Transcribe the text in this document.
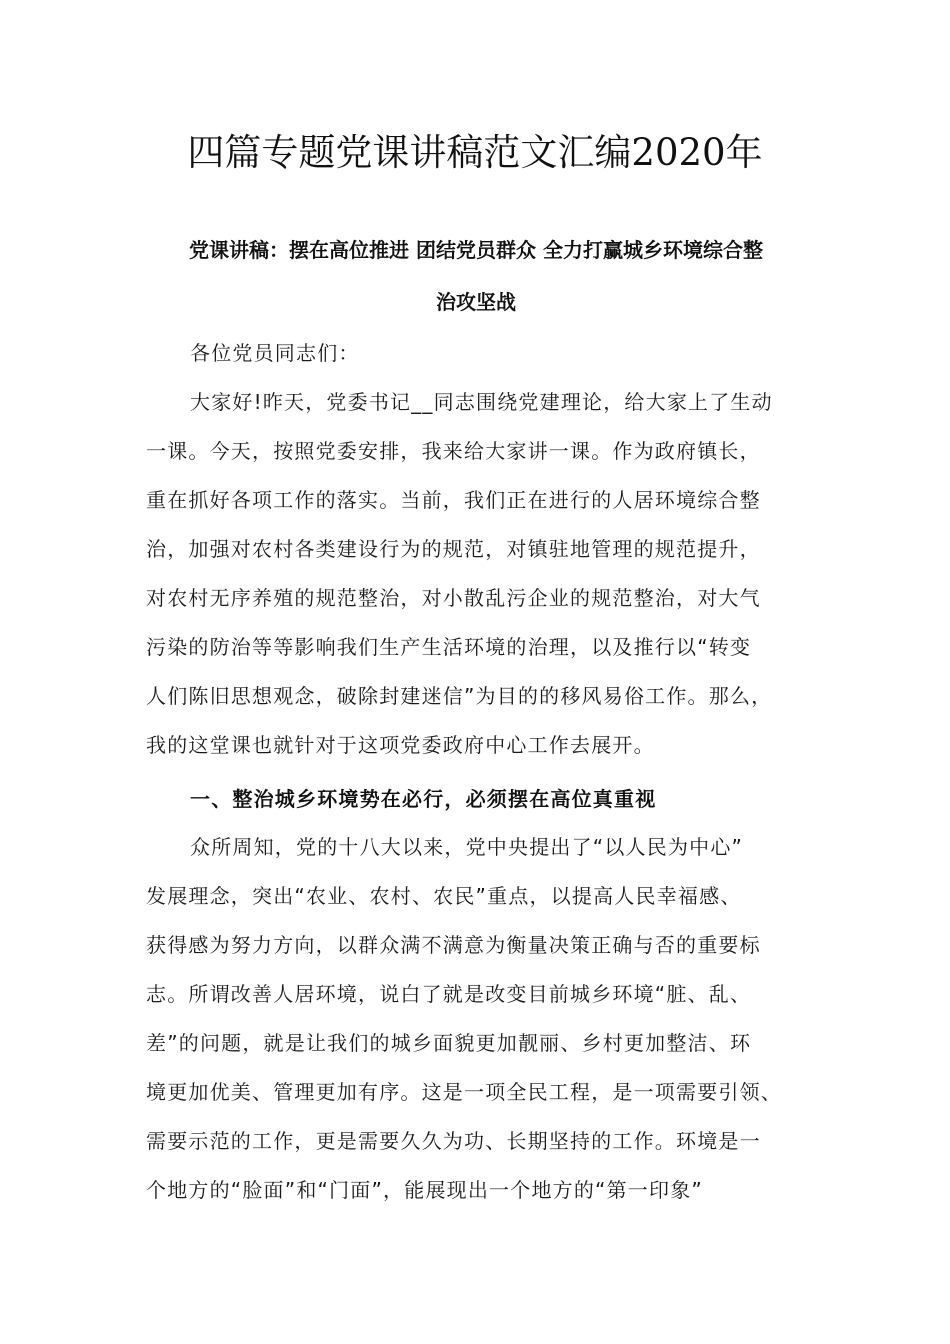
四篇专题党课讲稿范文汇编2020年
党课讲稿：摆在高位推进 团结党员群众 全力打赢城乡环境综合整
治攻坚战
各位党员同志们：
大家好!昨天，党委书记__同志围绕党建理论，给大家上了生动
一课。今天，按照党委安排，我来给大家讲一课。作为政府镇长，
重在抓好各项工作的落实。当前，我们正在进行的人居环境综合整
治，加强对农村各类建设行为的规范，对镇驻地管理的规范提升，
对农村无序养殖的规范整治，对小散乱污企业的规范整治，对大气
污染的防治等等影响我们生产生活环境的治理，以及推行以“转变
人们陈旧思想观念，破除封建迷信”为目的的移风易俗工作。那么，
我的这堂课也就针对于这项党委政府中心工作去展开。
一、整治城乡环境势在必行，必须摆在高位真重视
众所周知，党的十八大以来，党中央提出了“以人民为中心”
发展理念，突出“农业、农村、农民”重点，以提高人民幸福感、
获得感为努力方向，以群众满不满意为衡量决策正确与否的重要标
志。所谓改善人居环境，说白了就是改变目前城乡环境“脏、乱、
差”的问题，就是让我们的城乡面貌更加靓丽、乡村更加整洁、环
境更加优美、管理更加有序。这是一项全民工程，是一项需要引领、
需要示范的工作，更是需要久久为功、长期坚持的工作。环境是一
个地方的“脸面”和“门面”，能展现出一个地方的“第一印象”
